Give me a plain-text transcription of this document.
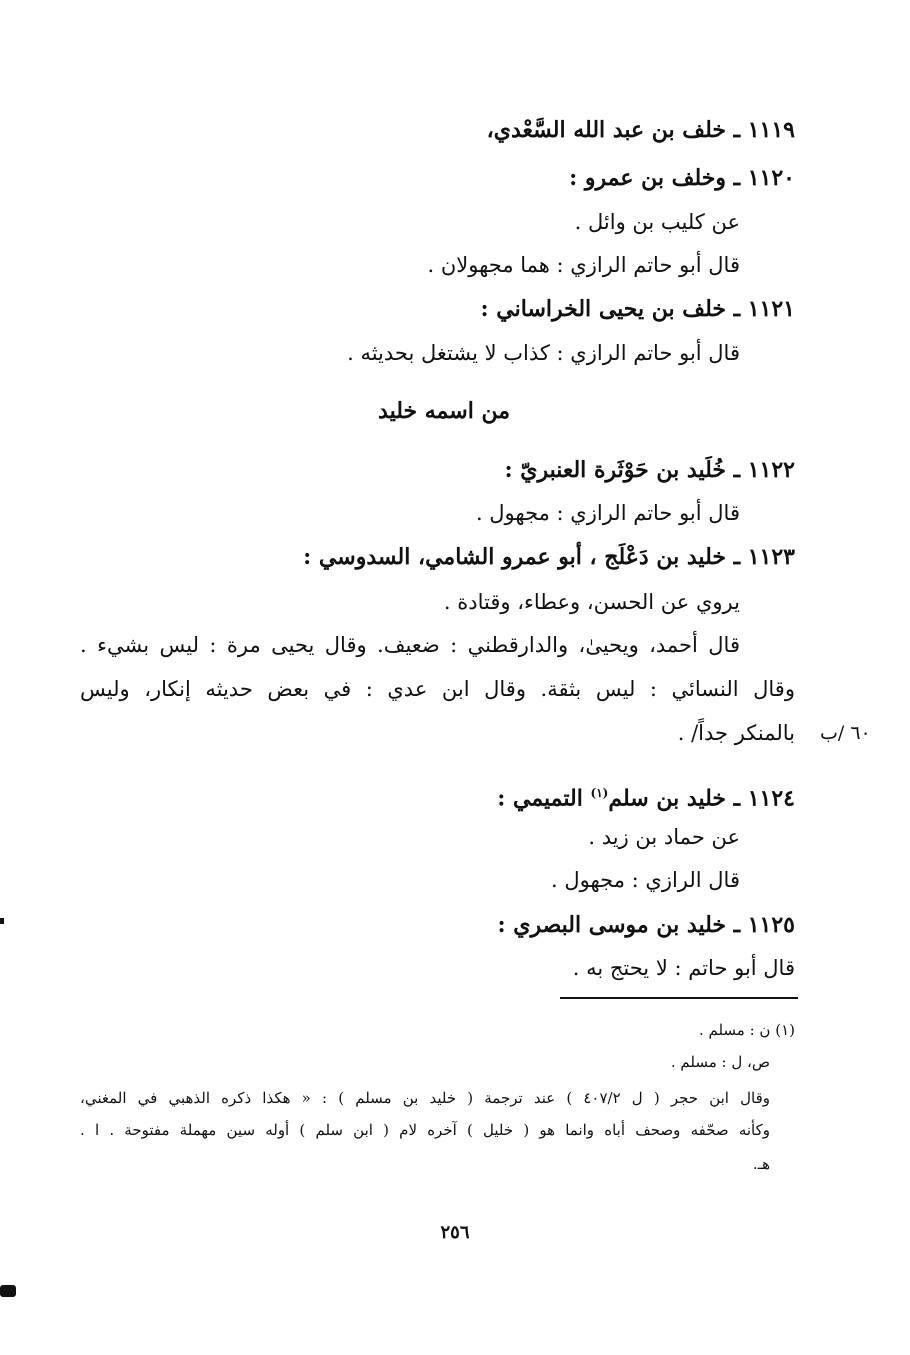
١١١٩ ـ خلف بن عبد الله السَّعْدي،
١١٢٠ ـ وخلف بن عمرو :
عن كليب بن وائل .
قال أبو حاتم الرازي : هما مجهولان .
١١٢١ ـ خلف بن يحيى الخراساني :
قال أبو حاتم الرازي : كذاب لا يشتغل بحديثه .
من اسمه خليد
١١٢٢ ـ خُلَيد بن حَوْثَرة العنبريّ :
قال أبو حاتم الرازي : مجهول .
١١٢٣ ـ خليد بن دَعْلَج ، أبو عمرو الشامي، السدوسي :
يروي عن الحسن، وعطاء، وقتادة .
قال أحمد، ويحيىٰ، والدارقطني : ضعيف. وقال يحيى مرة : ليس بشيء .
وقال النسائي : ليس بثقة. وقال ابن عدي : في بعض حديثه إنكار، وليس
بالمنكر جداً/ .
١١٢٤ ـ خليد بن سلم$^{(١)}$ التميمي :
عن حماد بن زيد .
قال الرازي : مجهول .
١١٢٥ ـ خليد بن موسى البصري :
قال أبو حاتم : لا يحتج به .
(١) ن : مسلم .
ص، ل : مسلم .
وقال ابن حجر ( ل ٤٠٧/٢ ) عند ترجمة ( خليد بن مسلم ) : « هكذا ذكره الذهبي في المغني،
وكأنه صحّفه وصحف أباه وانما هو ( خليل ) آخره لام ( ابن سلم ) أوله سين مهملة مفتوحة . ا .
هـ.
٢٥٦
٦٠ /ب
